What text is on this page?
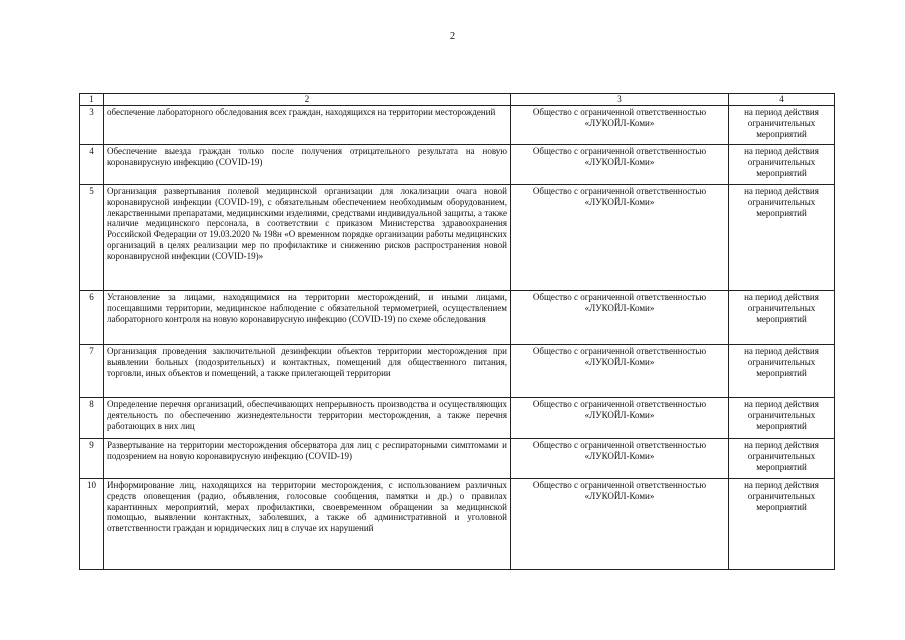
2
1	2	3	4
3	обеспечение лабораторного обследования всех граждан, находящихся на территории месторождений	Общество с ограниченной ответственностью «ЛУКОЙЛ-Коми»	на период действия ограничительных мероприятий
4	Обеспечение выезда граждан только после получения отрицательного результата на новую коронавирусную инфекцию (COVID-19)	Общество с ограниченной ответственностью «ЛУКОЙЛ-Коми»	на период действия ограничительных мероприятий
5	Организация развертывания полевой медицинской организации для локализации очага новой коронавирусной инфекции (COVID-19), с обязательным обеспечением необходимым оборудованием, лекарственными препаратами, медицинскими изделиями, средствами индивидуальной защиты, а также наличие медицинского персонала, в соответствии с приказом Министерства здравоохранения Российской Федерации от 19.03.2020 № 198н «О временном порядке организации работы медицинских организаций в целях реализации мер по профилактике и снижению рисков распространения новой коронавирусной инфекции (COVID-19)»	Общество с ограниченной ответственностью «ЛУКОЙЛ-Коми»	на период действия ограничительных мероприятий
6	Установление за лицами, находящимися на территории месторождений, и иными лицами, посещавшими территории, медицинское наблюдение с обязательной термометрией, осуществлением лабораторного контроля на новую коронавирусную инфекцию (COVID-19) по схеме обследования	Общество с ограниченной ответственностью «ЛУКОЙЛ-Коми»	на период действия ограничительных мероприятий
7	Организация проведения заключительной дезинфекции объектов территории месторождения при выявлении больных (подозрительных) и контактных, помещений для общественного питания, торговли, иных объектов и помещений, а также прилегающей территории	Общество с ограниченной ответственностью «ЛУКОЙЛ-Коми»	на период действия ограничительных мероприятий
8	Определение перечня организаций, обеспечивающих непрерывность производства и осуществляющих деятельность по обеспечению жизнедеятельности территории месторождения, а также перечня работающих в них лиц	Общество с ограниченной ответственностью «ЛУКОЙЛ-Коми»	на период действия ограничительных мероприятий
9	Развертывание на территории месторождения обсерватора для лиц с респираторными симптомами и подозрением на новую коронавирусную инфекцию (COVID-19)	Общество с ограниченной ответственностью «ЛУКОЙЛ-Коми»	на период действия ограничительных мероприятий
10	Информирование лиц, находящихся на территории месторождения, с использованием различных средств оповещения (радио, объявления, голосовые сообщения, памятки и др.) о правилах карантинных мероприятий, мерах профилактики, своевременном обращении за медицинской помощью, выявлении контактных, заболевших, а также об административной и уголовной ответственности граждан и юридических лиц в случае их нарушений	Общество с ограниченной ответственностью «ЛУКОЙЛ-Коми»	на период действия ограничительных мероприятий
